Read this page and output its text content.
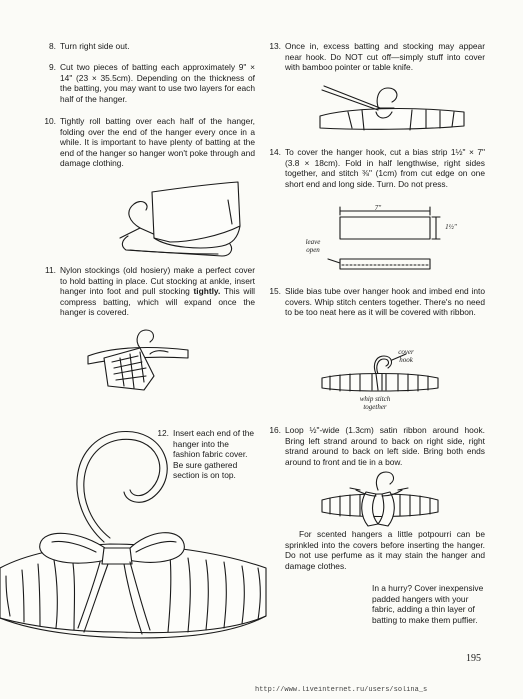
8. Turn right side out.
9. Cut two pieces of batting each approximately 9" × 14" (23 × 35.5cm). Depending on the thickness of the batting, you may want to use two layers for each half of the hanger.
10. Tightly roll batting over each half of the hanger, folding over the end of the hanger every once in a while. It is important to have plenty of batting at the end of the hanger so hanger won't poke through and damage clothing.
11. Nylon stockings (old hosiery) make a perfect cover to hold batting in place. Cut stocking at ankle, insert hanger into foot and pull stocking tightly. This will compress batting, which will expand once the hanger is covered.
12. Insert each end of the hanger into the fashion fabric cover. Be sure gathered section is on top.
13. Once in, excess batting and stocking may appear near hook. Do NOT cut off—simply stuff into cover with bamboo pointer or table knife.
14. To cover the hanger hook, cut a bias strip 1½" × 7" (3.8 × 18cm). Fold in half lengthwise, right sides together, and stitch ⅜" (1cm) from cut edge on one short end and long side. Turn. Do not press.
7"
1½"
leave open
15. Slide bias tube over hanger hook and imbed end into covers. Whip stitch centers together. There's no need to be too neat here as it will be covered with ribbon.
cover hook
whip stitch together
16. Loop ½"-wide (1.3cm) satin ribbon around hook. Bring left strand around to back on right side, right strand around to back on left side. Bring both ends around to front and tie in a bow.
For scented hangers a little potpourri can be sprinkled into the covers before inserting the hanger. Do not use perfume as it may stain the hanger and damage clothes.
In a hurry? Cover inexpensive padded hangers with your fabric, adding a thin layer of batting to make them puffier.
195
http://www.liveinternet.ru/users/solina_s
